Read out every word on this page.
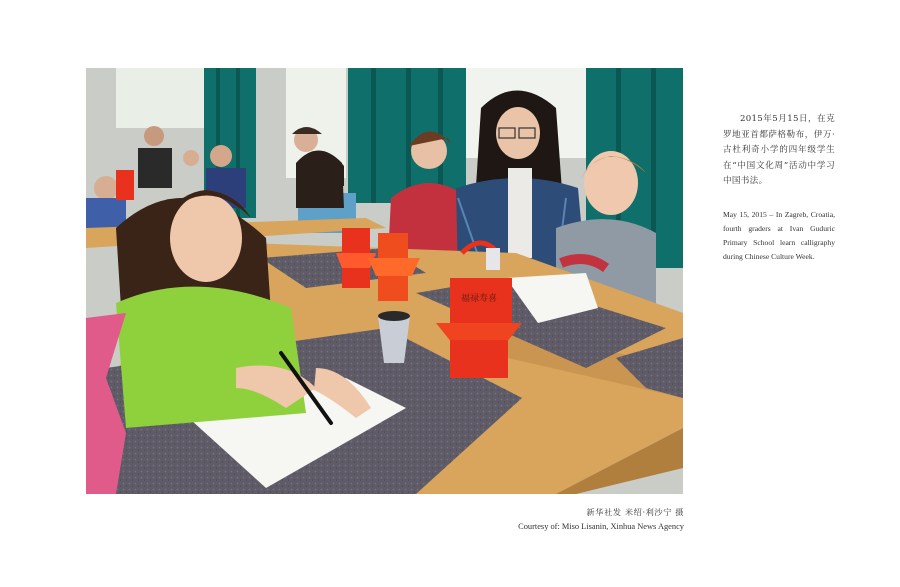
福禄寿喜
2015年5月15日，在克罗地亚首都萨格勒布，伊万·古杜利奇小学的四年级学生在“中国文化周”活动中学习中国书法。
May 15, 2015 – In Zagreb, Croatia, fourth graders at Ivan Guduric Primary School learn calligraphy during Chinese Culture Week.
新华社发 米绍·利沙宁 摄
Courtesy of: Miso Lisanin, Xinhua News Agency
